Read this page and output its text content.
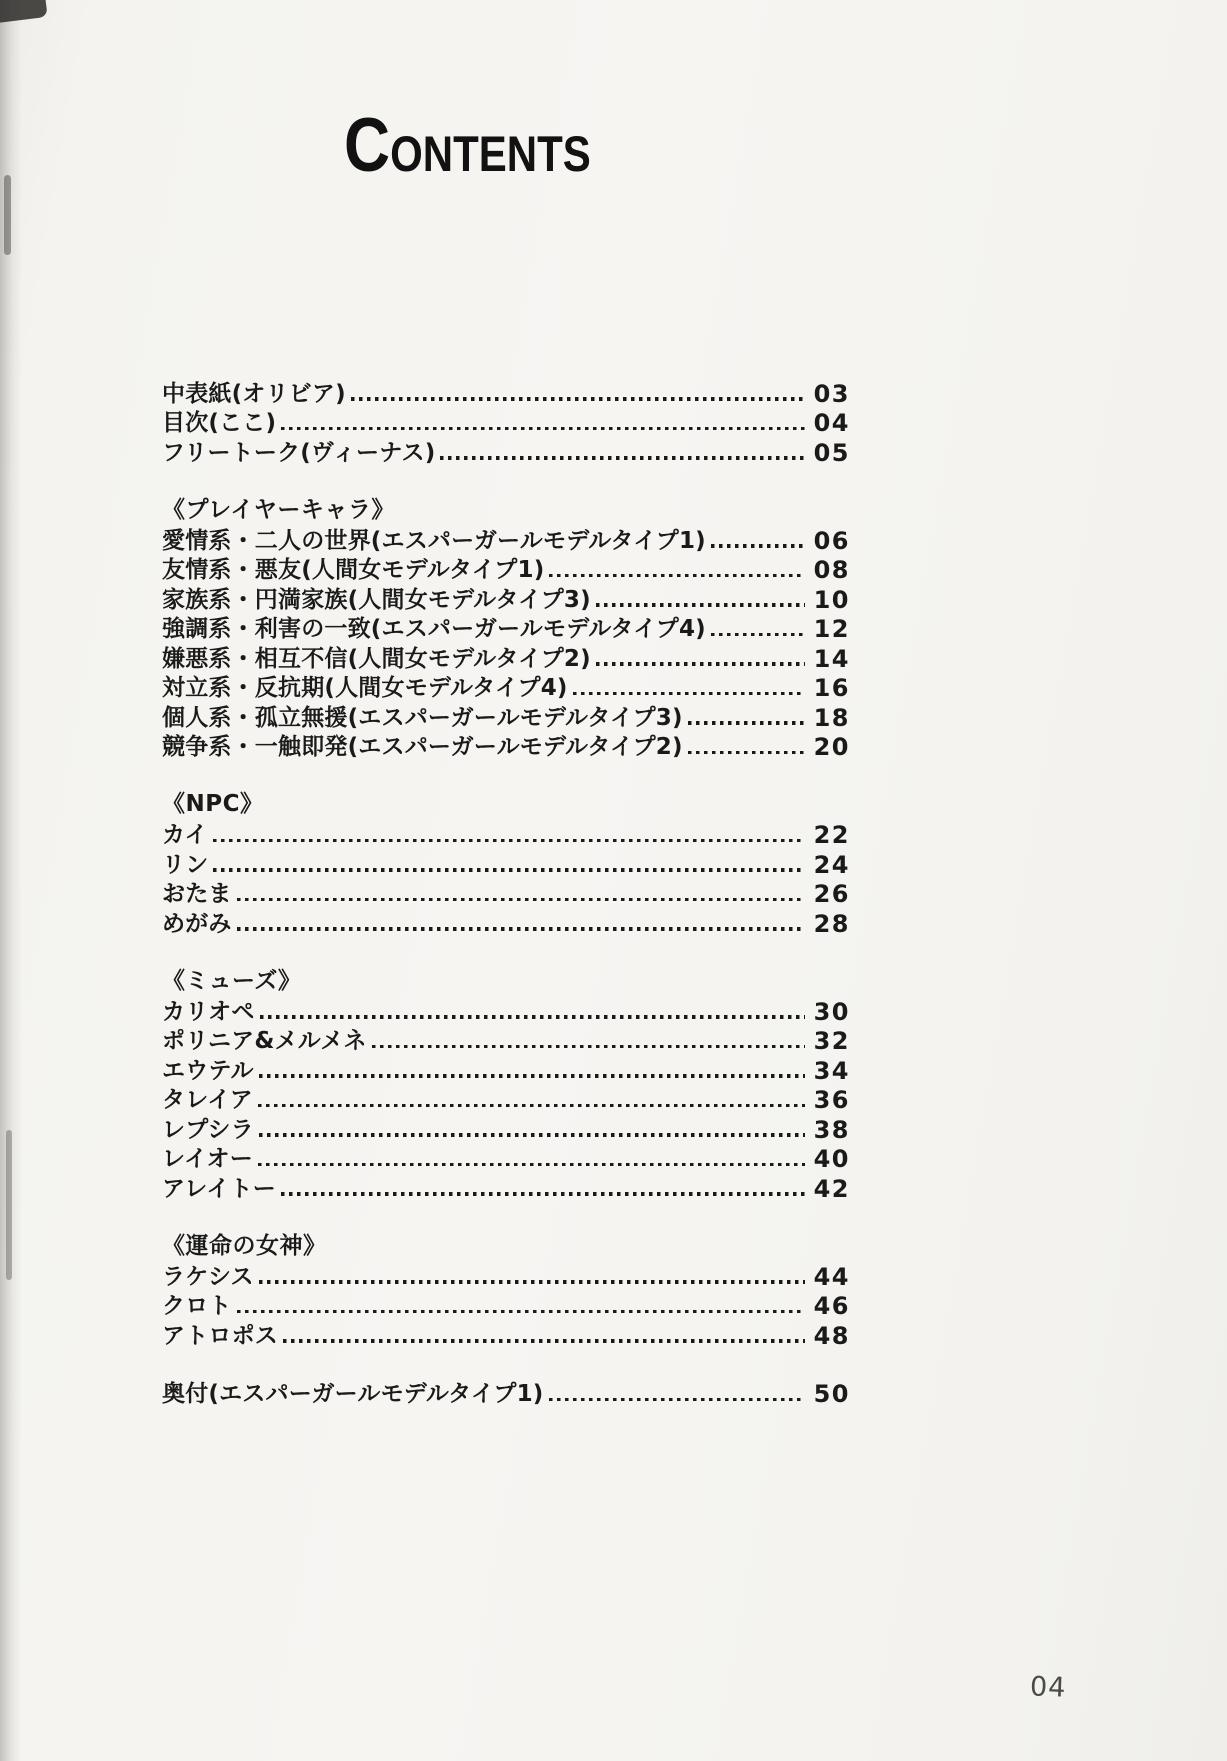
CONTENTS
中表紙(オリビア)	03
目次(ここ)	04
フリートーク(ヴィーナス)	05
《プレイヤーキャラ》
愛情系・二人の世界(エスパーガールモデルタイプ1)	06
友情系・悪友(人間女モデルタイプ1)	08
家族系・円満家族(人間女モデルタイプ3)	10
強調系・利害の一致(エスパーガールモデルタイプ4)	12
嫌悪系・相互不信(人間女モデルタイプ2)	14
対立系・反抗期(人間女モデルタイプ4)	16
個人系・孤立無援(エスパーガールモデルタイプ3)	18
競争系・一触即発(エスパーガールモデルタイプ2)	20
《NPC》
カイ	22
リン	24
おたま	26
めがみ	28
《ミューズ》
カリオペ	30
ポリニア&メルメネ	32
エウテル	34
タレイア	36
レプシラ	38
レイオー	40
アレイトー	42
《運命の女神》
ラケシス	44
クロト	46
アトロポス	48
奥付(エスパーガールモデルタイプ1)	50
04
